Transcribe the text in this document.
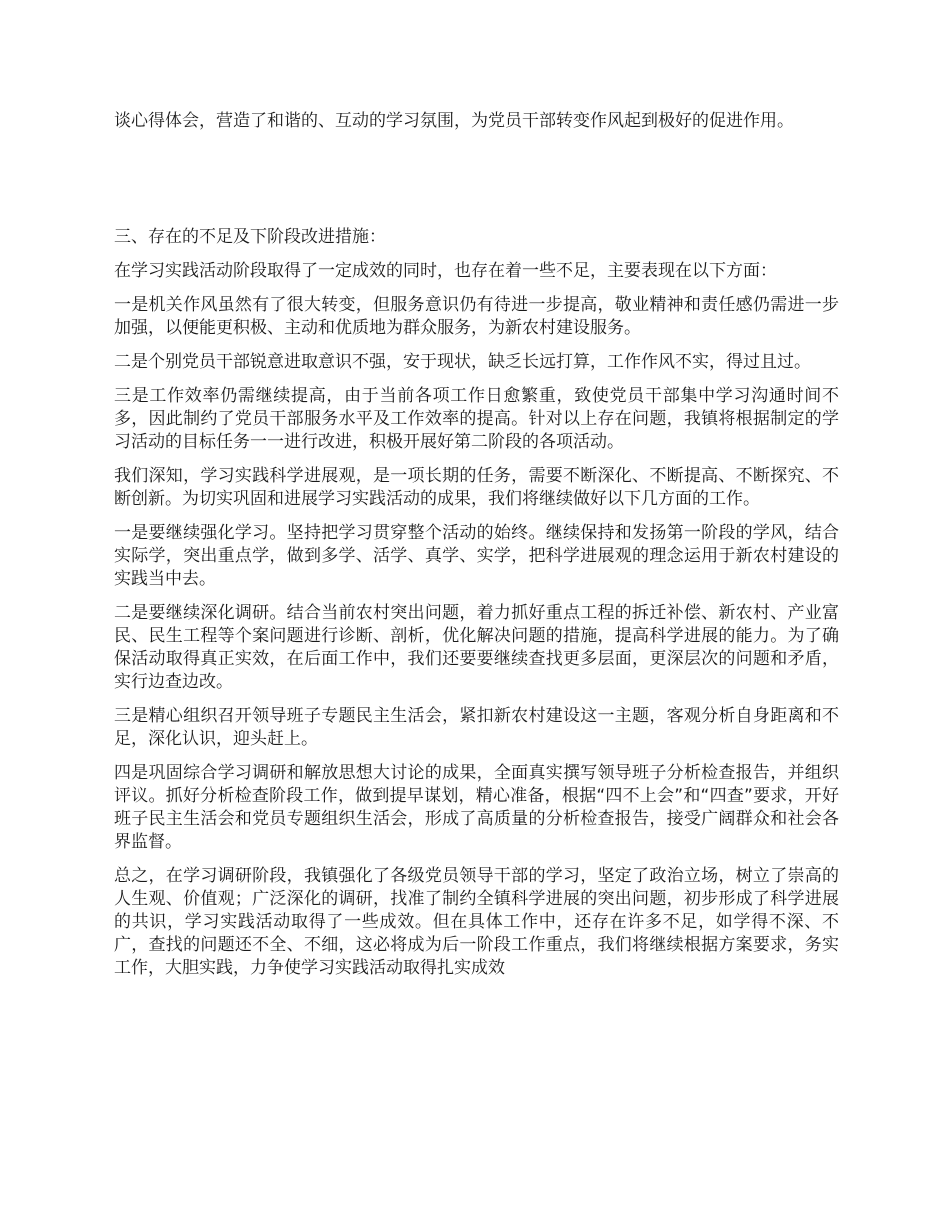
谈心得体会，营造了和谐的、互动的学习氛围，为党员干部转变作风起到极好的促进作用。

三、存在的不足及下阶段改进措施：

在学习实践活动阶段取得了一定成效的同时，也存在着一些不足，主要表现在以下方面：

一是机关作风虽然有了很大转变，但服务意识仍有待进一步提高，敬业精神和责任感仍需进一步加强，以便能更积极、主动和优质地为群众服务，为新农村建设服务。

二是个别党员干部锐意进取意识不强，安于现状，缺乏长远打算，工作作风不实，得过且过。

三是工作效率仍需继续提高，由于当前各项工作日愈繁重，致使党员干部集中学习沟通时间不多，因此制约了党员干部服务水平及工作效率的提高。针对以上存在问题，我镇将根据制定的学习活动的目标任务一一进行改进，积极开展好第二阶段的各项活动。

我们深知，学习实践科学进展观，是一项长期的任务，需要不断深化、不断提高、不断探究、不断创新。为切实巩固和进展学习实践活动的成果，我们将继续做好以下几方面的工作。

一是要继续强化学习。坚持把学习贯穿整个活动的始终。继续保持和发扬第一阶段的学风，结合实际学，突出重点学，做到多学、活学、真学、实学，把科学进展观的理念运用于新农村建设的实践当中去。

二是要继续深化调研。结合当前农村突出问题，着力抓好重点工程的拆迁补偿、新农村、产业富民、民生工程等个案问题进行诊断、剖析，优化解决问题的措施，提高科学进展的能力。为了确保活动取得真正实效，在后面工作中，我们还要要继续查找更多层面，更深层次的问题和矛盾，实行边查边改。

三是精心组织召开领导班子专题民主生活会，紧扣新农村建设这一主题，客观分析自身距离和不足，深化认识，迎头赶上。

四是巩固综合学习调研和解放思想大讨论的成果，全面真实撰写领导班子分析检查报告，并组织评议。抓好分析检查阶段工作，做到提早谋划，精心准备，根据“四不上会”和“四查”要求，开好班子民主生活会和党员专题组织生活会，形成了高质量的分析检查报告，接受广阔群众和社会各界监督。

总之，在学习调研阶段，我镇强化了各级党员领导干部的学习，坚定了政治立场，树立了崇高的人生观、价值观；广泛深化的调研，找准了制约全镇科学进展的突出问题，初步形成了科学进展的共识，学习实践活动取得了一些成效。但在具体工作中，还存在许多不足，如学得不深、不广，查找的问题还不全、不细，这必将成为后一阶段工作重点，我们将继续根据方案要求，务实工作，大胆实践，力争使学习实践活动取得扎实成效
